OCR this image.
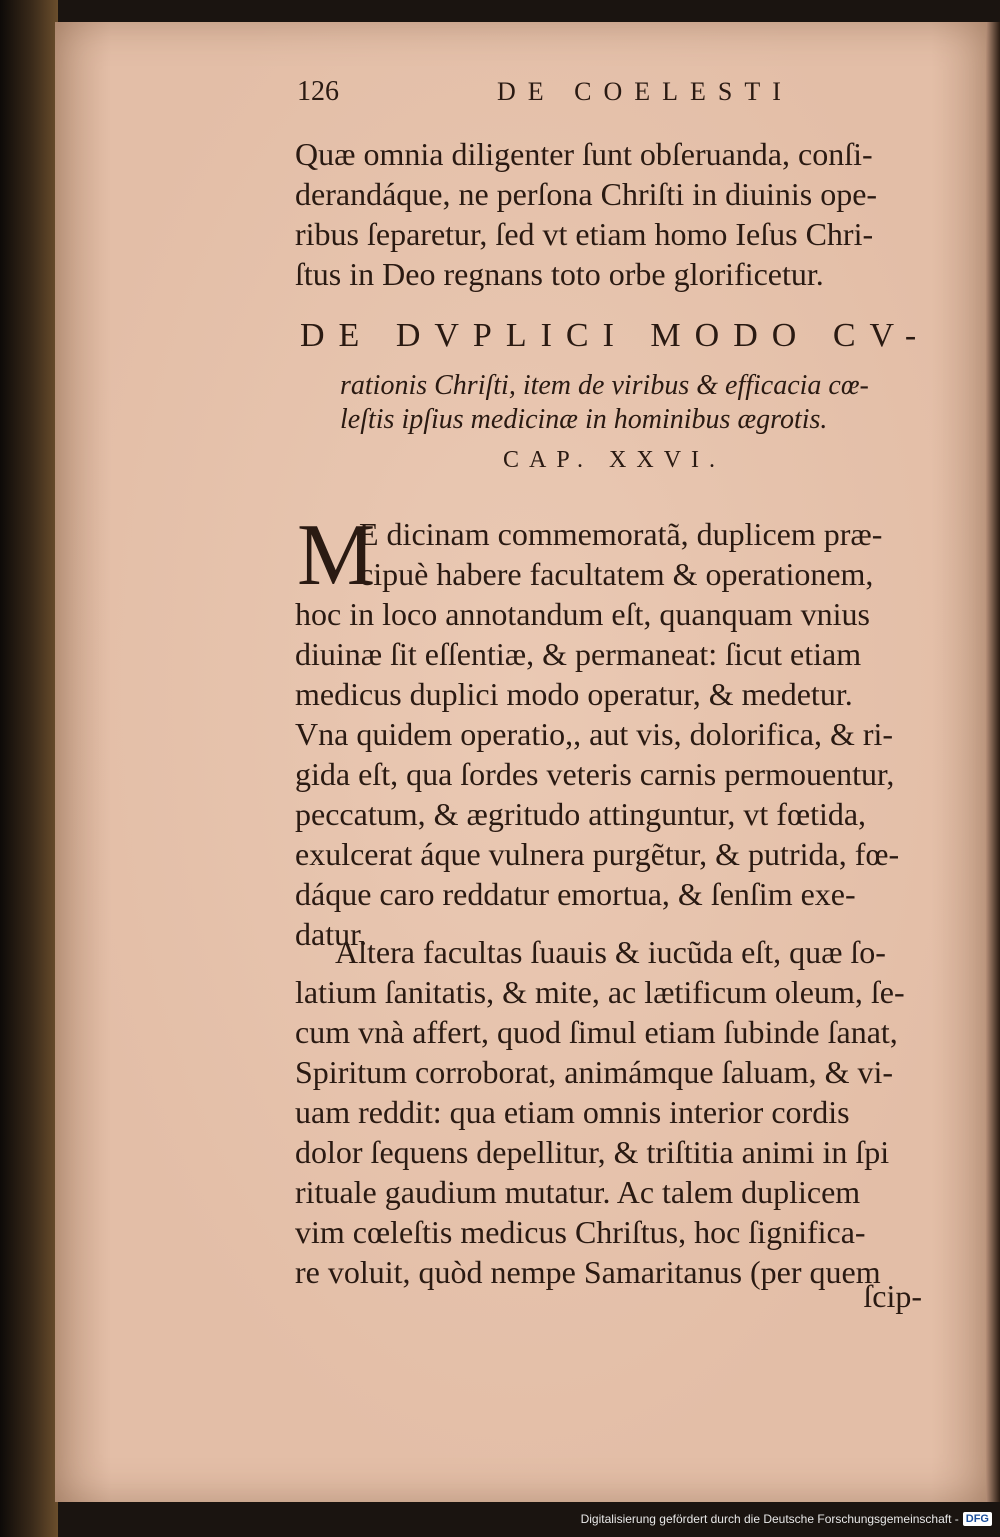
126	DE COELESTI
Quæ omnia diligenter ſunt obſeruanda, conſi-
derandáque, ne perſona Chriſti in diuinis ope-
ribus ſeparetur, ſed vt etiam homo Ieſus Chri-
ſtus in Deo regnans toto orbe glorificetur.
DE DVPLICI MODO CV-
rationis Chriſti, item de viribus & efficacia cœ-
leſtis ipſius medicinæ in hominibus ægrotis.
CAP. XXVI.
M
E dicinam commemoratã, duplicem præ-
cipuè habere facultatem & operationem,
hoc in loco annotandum eſt, quanquam vnius
diuinæ ſit eſſentiæ, & permaneat: ſicut etiam
medicus duplici modo operatur, & medetur.
Vna quidem operatio,, aut vis, dolorifica, & ri-
gida eſt, qua ſordes veteris carnis permouentur,
peccatum, & ægritudo attinguntur, vt fœtida,
exulcerat áque vulnera purgẽtur, & putrida, fœ-
dáque caro reddatur emortua, & ſenſim exe-
datur.
Altera facultas ſuauis & iucũda eſt, quæ ſo-
latium ſanitatis, & mite, ac lætificum oleum, ſe-
cum vnà affert, quod ſimul etiam ſubinde ſanat,
Spiritum corroborat, animámque ſaluam, & vi-
uam reddit: qua etiam omnis interior cordis
dolor ſequens depellitur, & triſtitia animi in ſpi
rituale gaudium mutatur. Ac talem duplicem
vim cœleſtis medicus Chriſtus, hoc ſignifica-
re voluit, quòd nempe Samaritanus (per quem
ſcip-
Digitalisierung gefördert durch die Deutsche Forschungsgemeinschaft - DFG
